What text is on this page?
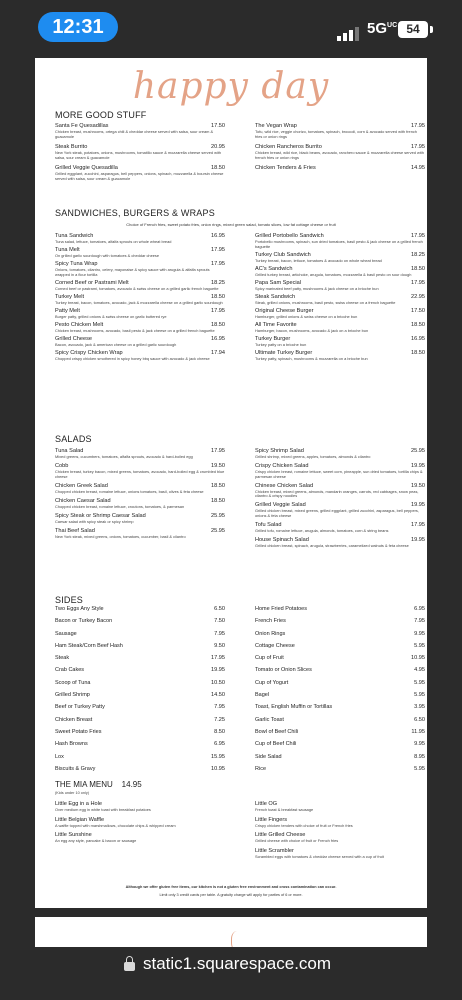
12:31	$5G^{UC}$ 54
happy day
MORE GOOD STUFF
Santa Fe Quesadillas	17.50
Chicken breast, mushrooms, ortega chili & cheddar cheese served with salsa, sour cream & guacamole
Steak Burrito	20.95
New York steak, potatoes, onions, mushrooms, tomatillo sauce & mozzarella cheese served with salsa, sour cream & guacamole
Grilled Veggie Quesadilla	18.50
Grilled eggplant, zucchini, asparagus, bell peppers, onions, spinach, mozzarella & boursin cheese served with salsa, sour cream & guacamole
The Vegan Wrap	17.95
Tofu, wild rice, veggie chorizo, tomatoes, spinach, broccoli, corn & avocado served with french fries or onion rings
Chicken Rancheros Burrito	17.95
Chicken breast, wild rice, black beans, avocado, ranchero sauce & mozzarella cheese served with french fries or onion rings
Chicken Tenders & Fries	14.95
SANDWICHES, BURGERS & WRAPS
Choice of French fries, sweet potato fries, onion rings, mixed green salad, tomato slices, low fat cottage cheese or fruit
Tuna Sandwich	16.95
Tuna salad, lettuce, tomatoes, alfalfa sprouts on whole wheat bread
Tuna Melt	17.95
On grilled garlic sourdough with tomatoes & cheddar cheese
Spicy Tuna Wrap	17.95
Onions, tomatoes, cilantro, celery, mayonaise & spicy sauce with arugula & alfalfa sprouts wrapped in a flour tortilla
Corned Beef or Pastrami Melt	18.25
Corned beef or pastrami, tomatoes, avocado & swiss cheese on a grilled garlic french baguette
Turkey Melt	18.50
Turkey breast, bacon, tomatoes, avocado, jack & mozzarella cheese on a grilled garlic sourdough
Patty Melt	17.95
Burger patty, grilled onions & swiss cheese on garlic buttered rye
Pesto Chicken Melt	18.50
Chicken breast, mushrooms, avocado, basil pesto & jack cheese on a grilled french baguette
Grilled Cheese	16.95
Bacon, avocado, jack & american cheese on a grilled garlic sourdough
Spicy Crispy Chicken Wrap	17.94
Chopped crispy chicken smothered in spicy honey bbq sauce with avocado & jack cheese
Grilled Portobello Sandwich	17.95
Portobello mushrooms, spinach, sun dried tomatoes, basil pesto & jack cheese on a grilled french baguette
Turkey Club Sandwich	18.25
Turkey breast, bacon, lettuce, tomatoes & avocado on whole wheat bread
AC's Sandwich	18.50
Grilled turkey breast, artichoke, arugula, tomatoes, mozzarella & basil pesto on sour dough
Papa Sam Special	17.95
Spicy marinated beef patty, mushrooms & jack cheese on a brioche bun
Steak Sandwich	22.95
Steak, grilled onions, mushrooms, basil pesto, swiss cheese on a french baguette
Original Cheese Burger	17.50
Hamburger, grilled onions & swiss cheese on a brioche bun
All Time Favorite	18.50
Hamburger, bacon, mushrooms, avocado & jack on a brioche bun
Turkey Burger	16.95
Turkey patty on a brioche bun
Ultimate Turkey Burger	18.50
Turkey patty, spinach, mushrooms & mozzarella on a brioche bun
SALADS
Tuna Salad	17.95
Mixed greens, cucumbers, tomatoes, alfalfa sprouts, avocado & hard-boiled egg
Cobb	19.50
Chicken breast, turkey bacon, mixed greens, tomatoes, avocado, hard-boiled egg & crumbled blue cheese
Chicken Greek Salad	18.50
Chopped chicken breast, romaine lettuce, onions tomatoes, basil, olives & feta cheese
Chicken Caesar Salad	18.50
Chopped chicken breast, romaine lettuce, croutons, tomatoes, & parmesan
Spicy Steak or Shrimp Caesar Salad	25.95
Caesar salad with spicy steak or spicy shrimp
Thai Beef Salad	25.95
New York steak, mixed greens, onions, tomatoes, cucumber, basil & cilantro
Spicy Shrimp Salad	25.95
Grilled shrimp, mixed greens, apples, tomatoes, almonds & cilantro
Crispy Chicken Salad	19.95
Crispy chicken breast, romaine lettuce, sweet corn, pineapple, sun dried tomatoes, tortilla chips & parmesan cheese
Chinese Chicken Salad	19.50
Chicken breast, mixed greens, almonds, mandarin oranges, carrots, red cabbages, snow peas, cilantro & crispy noodles
Grilled Veggie Salad	19.95
Grilled chicken breast, mixed greens, grilled eggplant, grilled zucchini, asparagus, bell peppers, onions & feta cheese
Tofu Salad	17.95
Grilled tofu, romaine lettuce, arugula, almonds, tomatoes, corn & string beans
House Spinach Salad	19.95
Grilled chicken breast, spinach, arugula, strawberries, caramelized walnuts & feta cheese
SIDES
Two Eggs Any Style	6.50
Bacon or Turkey Bacon	7.50
Sausage	7.95
Ham Steak/Corn Beef Hash	9.50
Steak	17.95
Crab Cakes	19.95
Scoop of Tuna	10.50
Grilled Shrimp	14.50
Beef or Turkey Patty	7.95
Chicken Breast	7.25
Sweet Potato Fries	8.50
Hash Browns	6.95
Lox	15.95
Biscuits & Gravy	10.95
Home Fried Potatoes	6.95
French Fries	7.95
Onion Rings	9.95
Cottage Cheese	5.95
Cup of Fruit	10.95
Tomato or Onion Slices	4.95
Cup of Yogurt	5.95
Bagel	5.95
Toast, English Muffin or Tortillas	3.95
Garlic Toast	6.50
Bowl of Beef Chili	11.95
Cup of Beef Chili	9.95
Side Salad	8.95
Rice	5.95
THE MIA MENU 14.95
(Kids under 10 only)
Little Egg in a Hole
Over medium egg in white toast with breakfast potatoes
Little Belgian Waffle
A waffle topped with marshmallows, chocolate chips & whipped cream
Little Sunshine
An egg any style, pancake & bacon or sausage
Little OG
French toast & breakfast sausage
Little Fingers
Crispy chicken tenders with choice of fruit or French fries
Little Grilled Cheese
Grilled cheese with choice of fruit or French fries
Little Scrambler
Scrambled eggs with tomatoes & cheddar cheese served with a cup of fruit
Although we offer gluten free items, our kitchen is not a gluten free environment and cross contamination can occur.
Limit only 3 credit cards per table. A gratuity charge will apply for parties of 6 or more.
static1.squarespace.com
